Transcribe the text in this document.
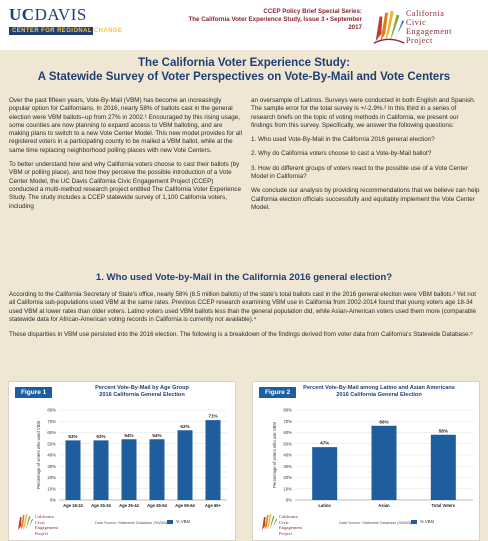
UCDAVIS
CENTER FOR REGIONAL CHANGE
CCEP Policy Brief Special Series:
The California Voter Experience Study, Issue 3 • September 2017
California
Civic
Engagement
Project
The California Voter Experience Study:
A Statewide Survey of Voter Perspectives on Vote-By-Mail and Vote Centers

Over the past fifteen years, Vote-By-Mail (VBM) has become an increasingly popular option for Californians. In 2016, nearly 58% of ballots cast in the general election were VBM ballots–up from 27% in 2002.¹ Encouraged by this rising usage, some counties are now planning to expand access to VBM balloting, and are making plans to switch to a new Vote Center Model. This new model provides for all registered voters in a participating county to be mailed a VBM ballot, while at the same time replacing neighborhood polling places with new Vote Centers.

To better understand how and why California voters choose to cast their ballots (by VBM or polling place), and how they perceive the possible introduction of a Vote Center Model, the UC Davis California Civic Engagement Project (CCEP) conducted a multi-method research project entitled The California Voter Experience Study. The study includes a CCEP statewide survey of 1,100 California voters, including

an oversample of Latinos. Surveys were conducted in both English and Spanish. The sample error for the total survey is +/-2.9%.² In this third in a series of research briefs on the topic of voting methods in California, we present our findings from this survey. Specifically, we answer the following questions:

1. Who used Vote-By-Mail in the California 2016 general election?

2. Why do California voters choose to cast a Vote-by-Mail ballot?

3. How do different groups of voters react to the possible use of a Vote Center Model in California?

We conclude our analysis by providing recommendations that we believe can help California election officials successfully and equitably implement the Vote Center Model.

1. Who used Vote-by-Mail in the California 2016 general election?

According to the California Secretary of State's office, nearly 58% (8.5 million ballots) of the state's total ballots cast in the 2016 general election were VBM ballots.³ Yet not all California sub-populations used VBM at the same rates. Previous CCEP research examining VBM use in California from 2002-2014 found that young voters age 18-34 used VBM at lower rates than older voters. Latino voters used VBM ballots less than the general population did, while Asian-American voters used them more (comparable statewide data for African-American voting records in California is currently not available).⁴

These disparities in VBM use persisted into the 2016 election. The following is a breakdown of the findings derived from voter data from California's Statewide Database.⁵

Figure 1
Percent Vote-By-Mail by Age Group
2016 California General Election
0%
10%
20%
30%
40%
50%
60%
70%
80%
Percentage of voters who used VBM	53%
Age 18-24
53%
Age 25-34
54%
Age 35-44
54%
Age 45-54
62%
Age 55-64
71%
Age 65+
California
Civic
Engagement
Project
Data Source: Statewide Database (SWDB)	% VBM
Figure 2
Percent Vote-By-Mail among Latino and Asian Americans
2016 California General Election
0%
10%
20%
30%
40%
50%
60%
70%
80%
Percentage of voters who use VBM	47%
Latino
66%
Asian
58%
Total Voters
California
Civic
Engagement
Project
Data Source: Statewide Database (SWDB)	% VBM
